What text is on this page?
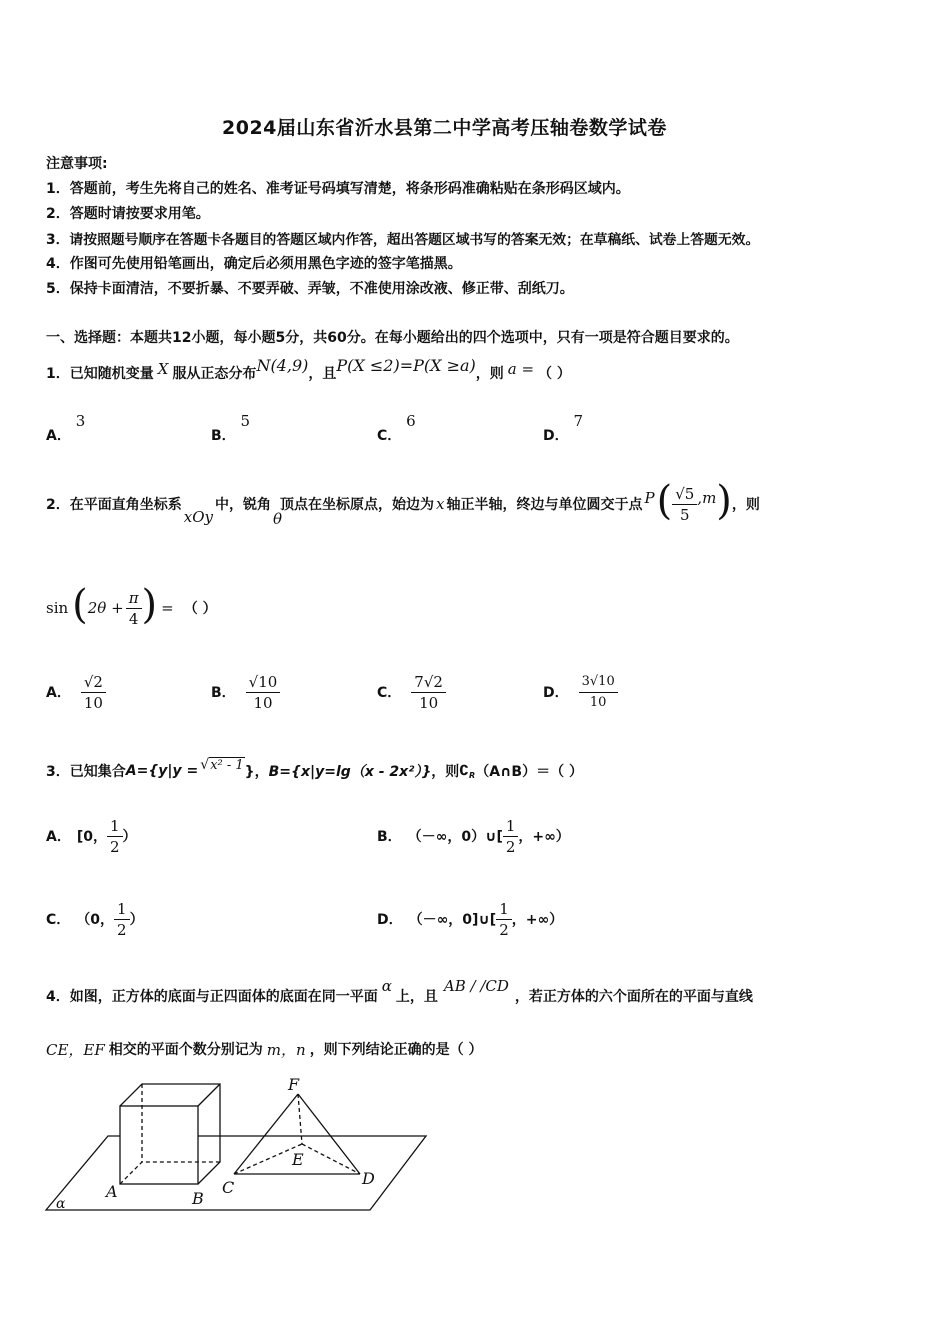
2024届山东省沂水县第二中学高考压轴卷数学试卷
注意事项:
1．答题前，考生先将自己的姓名、准考证号码填写清楚，将条形码准确粘贴在条形码区域内。
2．答题时请按要求用笔。
3．请按照题号顺序在答题卡各题目的答题区域内作答，超出答题区域书写的答案无效；在草稿纸、试卷上答题无效。
4．作图可先使用铅笔画出，确定后必须用黑色字迹的签字笔描黑。
5．保持卡面清洁，不要折暴、不要弄破、弄皱，不准使用涂改液、修正带、刮纸刀。
一、选择题：本题共12小题，每小题5分，共60分。在每小题给出的四个选项中，只有一项是符合题目要求的。
1．已知随机变量 X 服从正态分布 N(4,9) ，且 P(X ≤2)=P(X ≥a) ，则 a = （ ）
A． 3
B． 5
C． 6
D． 7
2．在平面直角坐标系
xOy
中，锐角
θ
顶点在坐标原点，始边为 x 轴正半轴，终边与单位圆交于点 P ( $\frac{√5}{5} ,m$ ) ，则
sin ( $2\theta + \frac{\pi}{4}$ ) = （ ）
A． $\frac{√2}{10}$	B． $\frac{√10}{10}$	C． $\frac{7√2}{10}$	D． $\frac{3√10}{10}$
3．已知集合 A={y|y = √x² - 1 }， B={x|y=lg（x - 2x²）} ，则 ∁ R （A∩B）＝（ ）
A． [0， $\frac{1}{2}$ ）	B． （－∞，0）∪[ $\frac{1}{2}$ ，+∞）
C． （0， $\frac{1}{2}$ ）	D． （－∞，0]∪[ $\frac{1}{2}$ ，+∞）
4．如图，正方体的底面与正四面体的底面在同一平面
α
上，且
AB / /CD
，若正方体的六个面所在的平面与直线
CE，EF 相交的平面个数分别记为 m，n ，则下列结论正确的是（ ）
A	B
C	D
E
F
α
